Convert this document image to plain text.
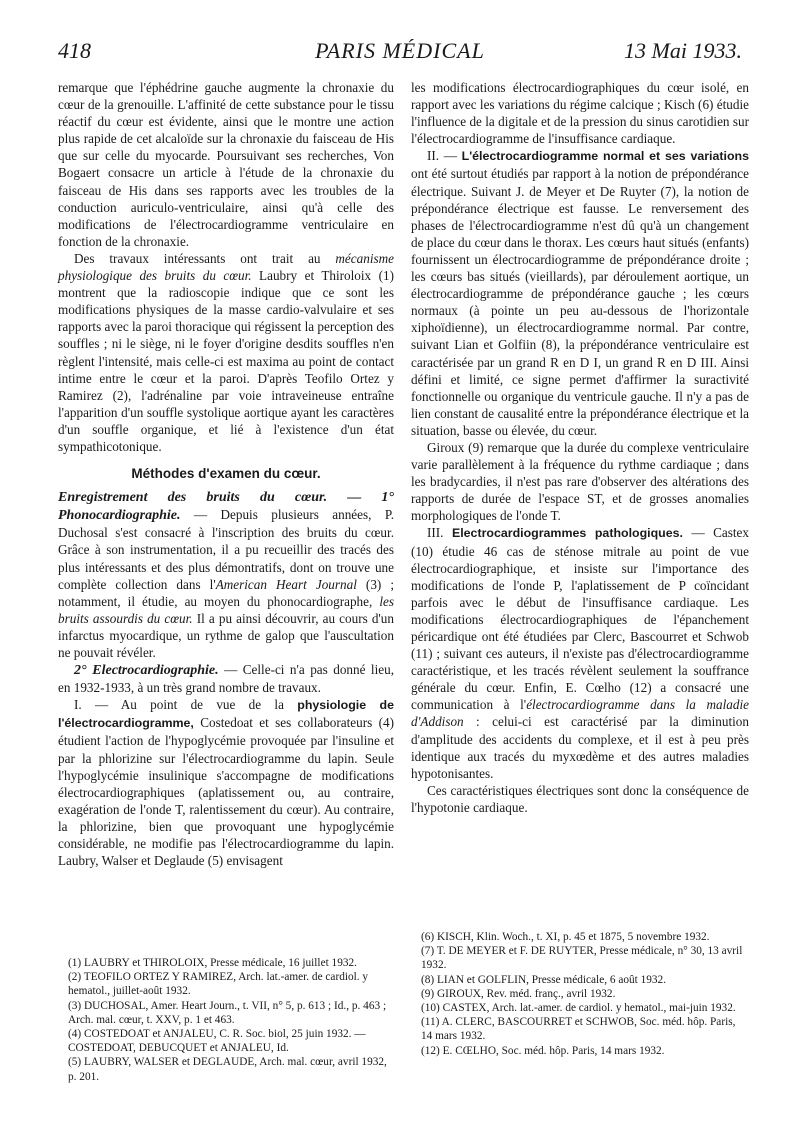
418	PARIS MÉDICAL	13 Mai 1933.

remarque que l'éphédrine gauche augmente la chronaxie du cœur de la grenouille. L'affinité de cette substance pour le tissu réactif du cœur est évidente, ainsi que le montre une action plus rapide de cet alcaloïde sur la chronaxie du faisceau de His que sur celle du myocarde. Poursuivant ses recherches, Von Bogaert consacre un article à l'étude de la chronaxie du faisceau de His dans ses rapports avec les troubles de la conduction auriculo-ventriculaire, ainsi qu'à celle des modifications de l'électrocardiogramme ventriculaire en fonction de la chronaxie.

Des travaux intéressants ont trait au mécanisme physiologique des bruits du cœur. Laubry et Thiroloix (1) montrent que la radioscopie indique que ce sont les modifications physiques de la masse cardio-valvulaire et ses rapports avec la paroi thoracique qui régissent la perception des souffles ; ni le siège, ni le foyer d'origine desdits souffles n'en règlent l'intensité, mais celle-ci est maxima au point de contact intime entre le cœur et la paroi. D'après Teofilo Ortez y Ramirez (2), l'adrénaline par voie intraveineuse entraîne l'apparition d'un souffle systolique aortique ayant les caractères d'un souffle organique, et lié à l'existence d'un état sympathicotonique.

Méthodes d'examen du cœur.

Enregistrement des bruits du cœur. — 1° Phonocardiographie. — Depuis plusieurs années, P. Duchosal s'est consacré à l'inscription des bruits du cœur. Grâce à son instrumentation, il a pu recueillir des tracés des plus intéressants et des plus démontratifs, dont on trouve une complète collection dans l'American Heart Journal (3) ; notamment, il étudie, au moyen du phonocardiographe, les bruits assourdis du cœur. Il a pu ainsi découvrir, au cours d'un infarctus myocardique, un rythme de galop que l'auscultation ne pouvait révéler.

2° Electrocardiographie. — Celle-ci n'a pas donné lieu, en 1932-1933, à un très grand nombre de travaux.

I. — Au point de vue de la physiologie de l'électrocardiogramme, Costedoat et ses collaborateurs (4) étudient l'action de l'hypoglycémie provoquée par l'insuline et par la phlorizine sur l'électrocardiogramme du lapin. Seule l'hypoglycémie insulinique s'accompagne de modifications électrocardiographiques (aplatissement ou, au contraire, exagération de l'onde T, ralentissement du cœur). Au contraire, la phlorizine, bien que provoquant une hypoglycémie considérable, ne modifie pas l'électrocardiogramme du lapin. Laubry, Walser et Deglaude (5) envisagent

les modifications électrocardiographiques du cœur isolé, en rapport avec les variations du régime calcique ; Kisch (6) étudie l'influence de la digitale et de la pression du sinus carotidien sur l'électrocardiogramme de l'insuffisance cardiaque.

II. — L'électrocardiogramme normal et ses variations ont été surtout étudiés par rapport à la notion de prépondérance électrique. Suivant J. de Meyer et De Ruyter (7), la notion de prépondérance électrique est fausse. Le renversement des phases de l'électrocardiogramme n'est dû qu'à un changement de place du cœur dans le thorax. Les cœurs haut situés (enfants) fournissent un électrocardiogramme de prépondérance droite ; les cœurs bas situés (vieillards), par déroulement aortique, un électrocardiogramme de prépondérance gauche ; les cœurs normaux (à pointe un peu au-dessous de l'horizontale xiphoïdienne), un électrocardiogramme normal. Par contre, suivant Lian et Golfiin (8), la prépondérance ventriculaire est caractérisée par un grand R en D I, un grand R en D III. Ainsi défini et limité, ce signe permet d'affirmer la suractivité fonctionnelle ou organique du ventricule gauche. Il n'y a pas de lien constant de causalité entre la prépondérance électrique et la situation, basse ou élevée, du cœur.

Giroux (9) remarque que la durée du complexe ventriculaire varie parallèlement à la fréquence du rythme cardiaque ; dans les bradycardies, il n'est pas rare d'observer des altérations des rapports de durée de l'espace ST, et de grosses anomalies morphologiques de l'onde T.

III. Electrocardiogrammes pathologiques. — Castex (10) étudie 46 cas de sténose mitrale au point de vue électrocardiographique, et insiste sur l'importance des modifications de l'onde P, l'aplatissement de P coïncidant parfois avec le début de l'insuffisance cardiaque. Les modifications électrocardiographiques de l'épanchement péricardique ont été étudiées par Clerc, Bascourret et Schwob (11) ; suivant ces auteurs, il n'existe pas d'électrocardiogramme caractéristique, et les tracés révèlent seulement la souffrance générale du cœur. Enfin, E. Cœlho (12) a consacré une communication à l'électrocardiogramme dans la maladie d'Addison : celui-ci est caractérisé par la diminution d'amplitude des accidents du complexe, et il est à peu près identique aux tracés du myxœdème et des autres maladies hypotonisantes.

Ces caractéristiques électriques sont donc la conséquence de l'hypotonie cardiaque.

(1) LAUBRY et THIROLOIX, Presse médicale, 16 juillet 1932.

(2) TEOFILO ORTEZ Y RAMIREZ, Arch. lat.-amer. de cardiol. y hematol., juillet-août 1932.

(3) DUCHOSAL, Amer. Heart Journ., t. VII, n° 5, p. 613 ; Id., p. 463 ; Arch. mal. cœur, t. XXV, p. 1 et 463.

(4) COSTEDOAT et ANJALEU, C. R. Soc. biol, 25 juin 1932. — COSTEDOAT, DEBUCQUET et ANJALEU, Id.

(5) LAUBRY, WALSER et DEGLAUDE, Arch. mal. cœur, avril 1932, p. 201.

(6) KISCH, Klin. Woch., t. XI, p. 45 et 1875, 5 novembre 1932.

(7) T. DE MEYER et F. DE RUYTER, Presse médicale, n° 30, 13 avril 1932.

(8) LIAN et GOLFLIN, Presse médicale, 6 août 1932.

(9) GIROUX, Rev. méd. franç., avril 1932.

(10) CASTEX, Arch. lat.-amer. de cardiol. y hematol., mai-juin 1932.

(11) A. CLERC, BASCOURRET et SCHWOB, Soc. méd. hôp. Paris, 14 mars 1932.

(12) E. CŒLHO, Soc. méd. hôp. Paris, 14 mars 1932.
